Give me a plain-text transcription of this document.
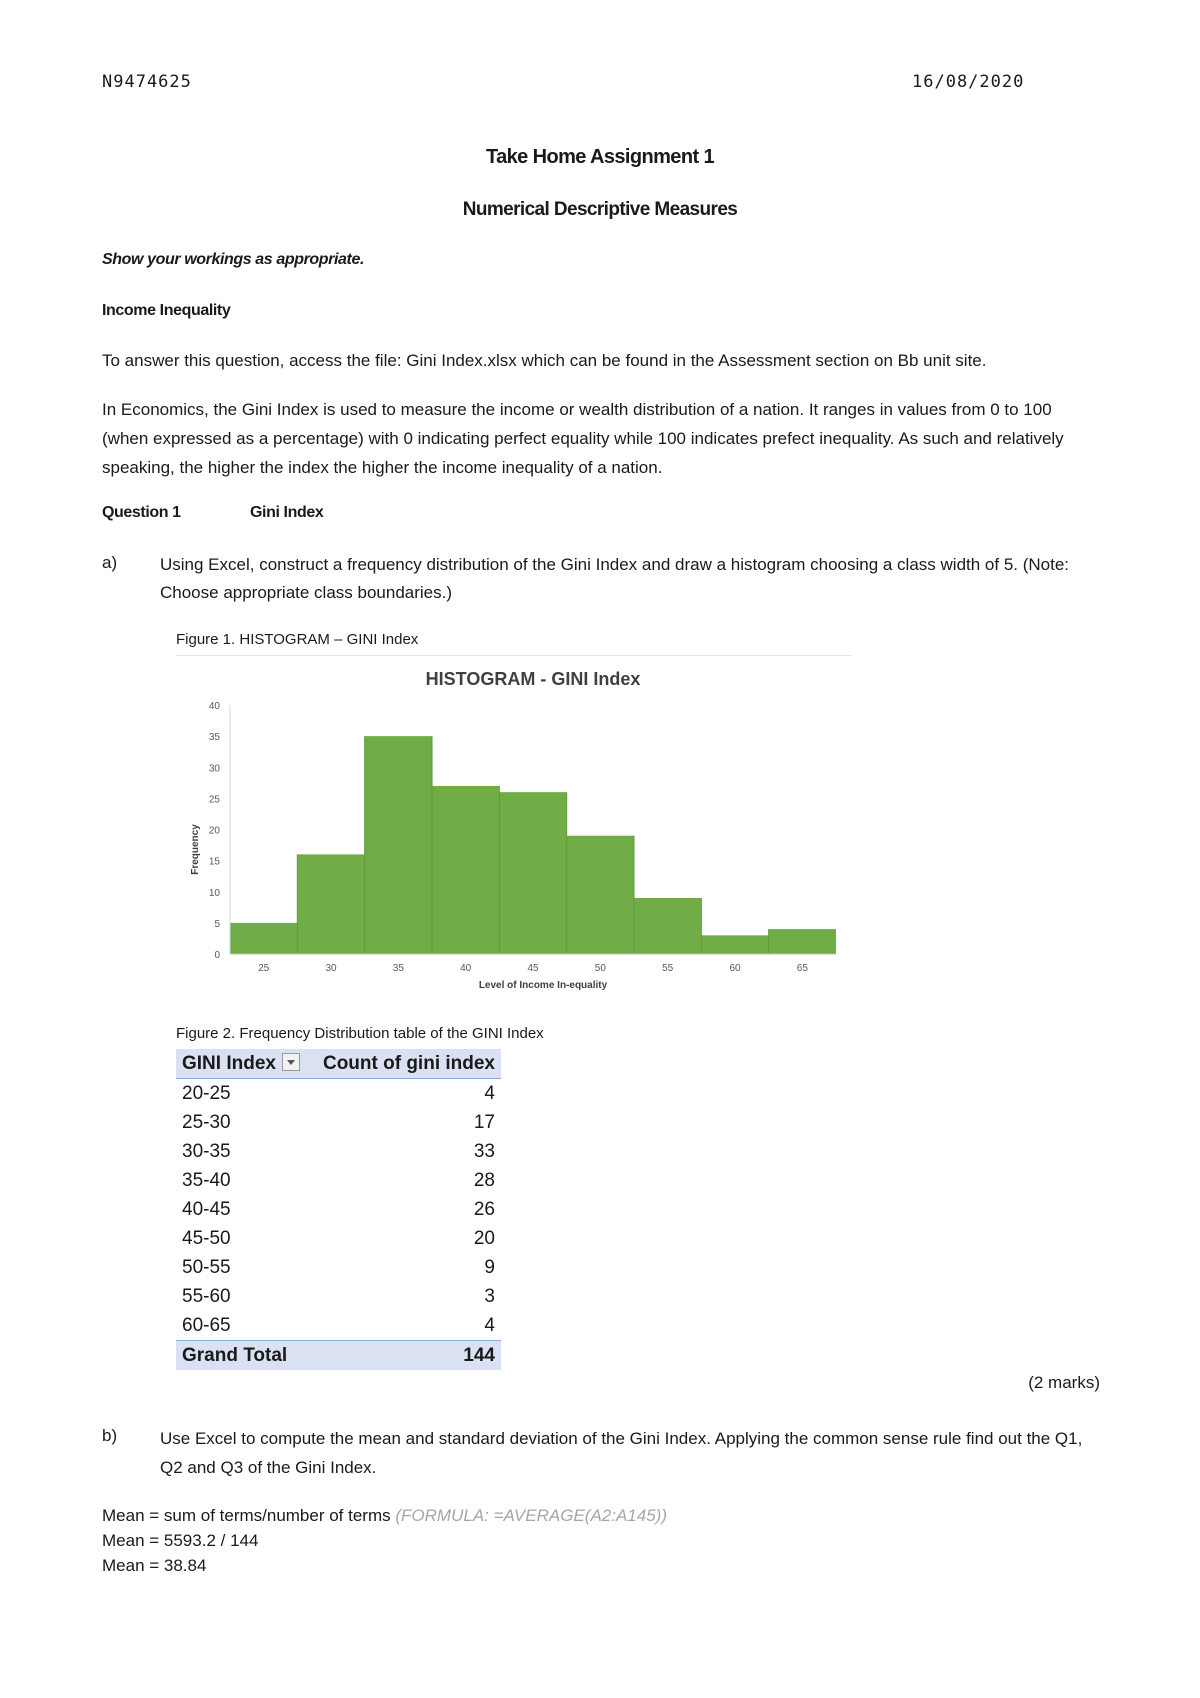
N9474625	16/08/2020
Take Home Assignment 1
Numerical Descriptive Measures
Show your workings as appropriate.
Income Inequality
To answer this question, access the file: Gini Index.xlsx which can be found in the Assessment section on Bb unit site.
In Economics, the Gini Index is used to measure the income or wealth distribution of a nation. It ranges in values from 0 to 100 (when expressed as a percentage) with 0 indicating perfect equality while 100 indicates prefect inequality. As such and relatively speaking, the higher the index the higher the income inequality of a nation.
Question 1	Gini Index
a)	Using Excel, construct a frequency distribution of the Gini Index and draw a histogram choosing a class width of 5. (Note: Choose appropriate class boundaries.)
Figure 1. HISTOGRAM – GINI Index
HISTOGRAM - GINI Index
0
5
10
15
20
25
30
35
40
25	30	35	40	45	50	55	60	65
Level of Income In-equality
Frequency
Figure 2. Frequency Distribution table of the GINI Index
GINI Index	Count of gini index
20-25	4
25-30	17
30-35	33
35-40	28
40-45	26
45-50	20
50-55	9
55-60	3
60-65	4
Grand Total	144
(2 marks)
b)	Use Excel to compute the mean and standard deviation of the Gini Index. Applying the common sense rule find out the Q1, Q2 and Q3 of the Gini Index.
Mean = sum of terms/number of terms (FORMULA: =AVERAGE(A2:A145))
Mean = 5593.2 / 144
Mean = 38.84
